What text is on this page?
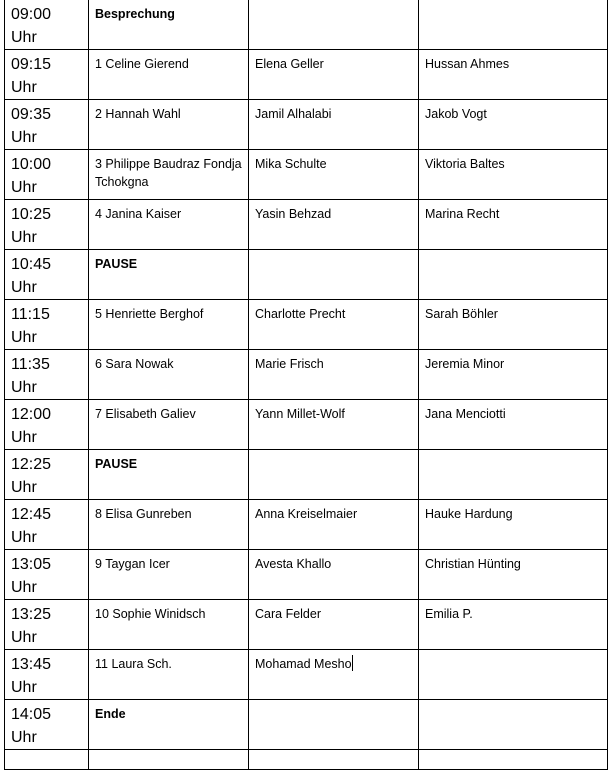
09:00 Uhr	Besprechung		

09:15 Uhr	1 Celine Gierend	Elena Geller	Hussan Ahmes

09:35 Uhr	2 Hannah Wahl	Jamil Alhalabi	Jakob Vogt

10:00 Uhr	3 Philippe Baudraz Fondja Tchokgna	Mika Schulte	Viktoria Baltes

10:25 Uhr	4 Janina Kaiser	Yasin Behzad	Marina Recht

10:45 Uhr	PAUSE		

11:15 Uhr	5 Henriette Berghof	Charlotte Precht	Sarah Böhler

11:35 Uhr	6 Sara Nowak	Marie Frisch	Jeremia Minor

12:00 Uhr	7 Elisabeth Galiev	Yann Millet-Wolf	Jana Menciotti

12:25 Uhr	PAUSE		

12:45 Uhr	8 Elisa Gunreben	Anna Kreiselmaier	Hauke Hardung

13:05 Uhr	9 Taygan Icer	Avesta Khallo	Christian Hünting

13:25 Uhr	10 Sophie Winidsch	Cara Felder	Emilia P.

13:45 Uhr	11 Laura Sch.	Mohamad Mesho	

14:05 Uhr	Ende		
